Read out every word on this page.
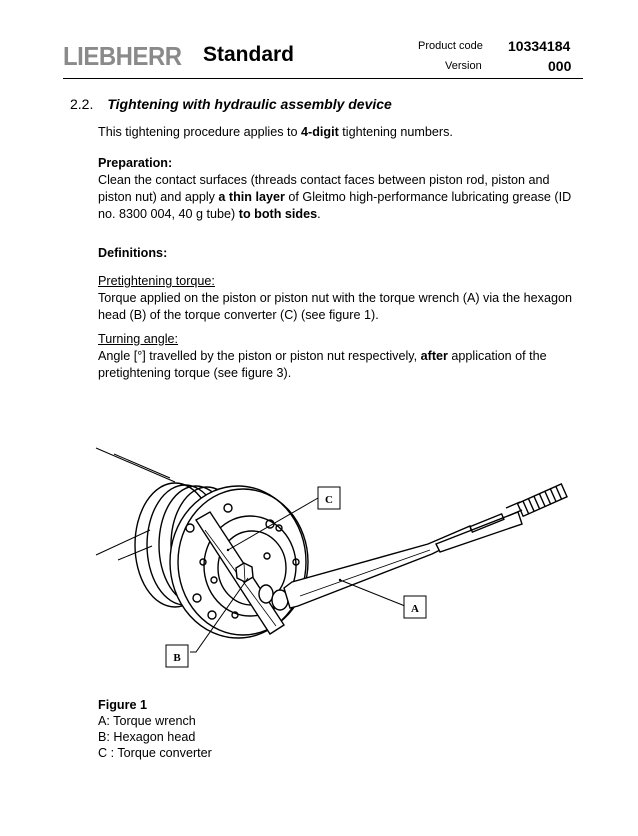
LIEBHERR Standard	Product code 10334184
Version	000
2.2. Tightening with hydraulic assembly device
This tightening procedure applies to 4-digit tightening numbers.
Preparation:
Clean the contact surfaces (threads contact faces between piston rod, piston and piston nut) and apply a thin layer of Gleitmo high-performance lubricating grease (ID no. 8300 004, 40 g tube) to both sides.
Definitions:
Pretightening torque:
Torque applied on the piston or piston nut with the torque wrench (A) via the hexagon head (B) of the torque converter (C) (see figure 1).
Turning angle:
Angle [°] travelled by the piston or piston nut respectively, after application of the pretightening torque (see figure 3).
C
A
B
Figure 1
A: Torque wrench
B: Hexagon head
C : Torque converter
